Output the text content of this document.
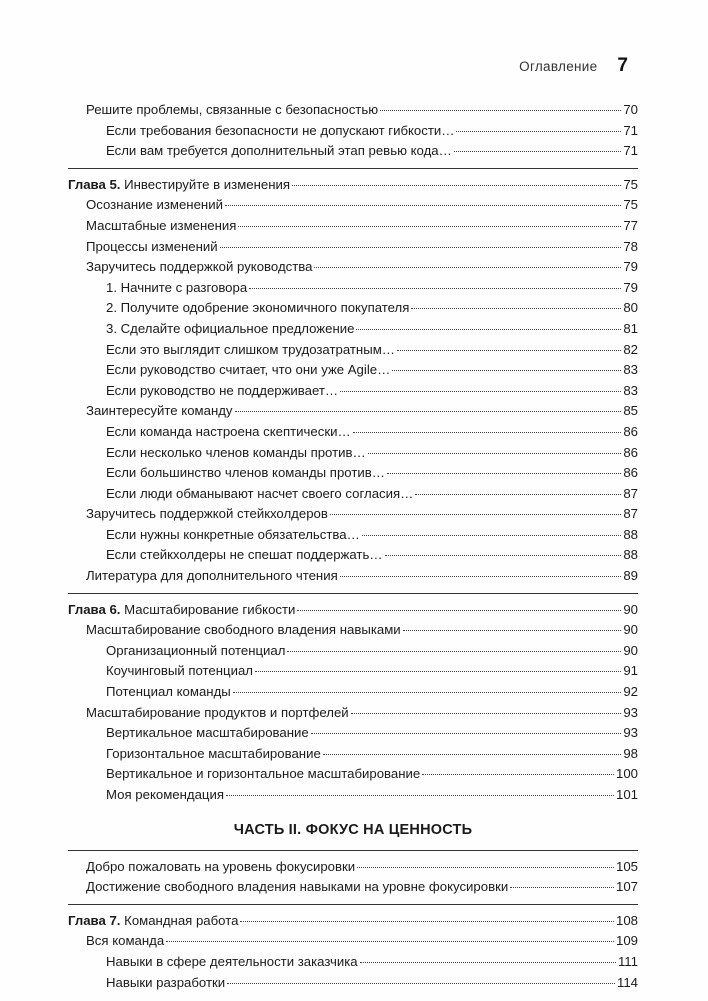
Оглавление 7
Решите проблемы, связанные с безопасностью	70
Если требования безопасности не допускают гибкости…	71
Если вам требуется дополнительный этап ревью кода…	71
Глава 5. Инвестируйте в изменения	75
Осознание изменений	75
Масштабные изменения	77
Процессы изменений	78
Заручитесь поддержкой руководства	79
1. Начните с разговора	79
2. Получите одобрение экономичного покупателя	80
3. Сделайте официальное предложение	81
Если это выглядит слишком трудозатратным…	82
Если руководство считает, что они уже Agile…	83
Если руководство не поддерживает…	83
Заинтересуйте команду	85
Если команда настроена скептически…	86
Если несколько членов команды против…	86
Если большинство членов команды против…	86
Если люди обманывают насчет своего согласия…	87
Заручитесь поддержкой стейкхолдеров	87
Если нужны конкретные обязательства…	88
Если стейкхолдеры не спешат поддержать…	88
Литература для дополнительного чтения	89
Глава 6. Масштабирование гибкости	90
Масштабирование свободного владения навыками	90
Организационный потенциал	90
Коучинговый потенциал	91
Потенциал команды	92
Масштабирование продуктов и портфелей	93
Вертикальное масштабирование	93
Горизонтальное масштабирование	98
Вертикальное и горизонтальное масштабирование	100
Моя рекомендация	101
ЧАСТЬ II. ФОКУС НА ЦЕННОСТЬ
Добро пожаловать на уровень фокусировки	105
Достижение свободного владения навыками на уровне фокусировки	107
Глава 7. Командная работа	108
Вся команда	109
Навыки в сфере деятельности заказчика	111
Навыки разработки	114
